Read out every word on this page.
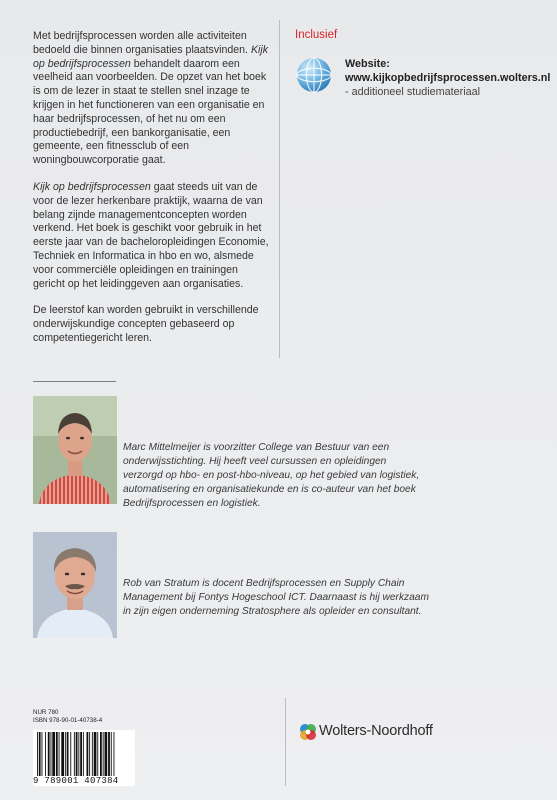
Met bedrijfsprocessen worden alle activiteiten bedoeld die binnen organisaties plaatsvinden. Kijk op bedrijfsprocessen behandelt daarom een veelheid aan voorbeelden. De opzet van het boek is om de lezer in staat te stellen snel inzage te krijgen in het functioneren van een organisatie en haar bedrijfsprocessen, of het nu om een productiebedrijf, een bankorganisatie, een gemeente, een fitnessclub of een woningbouwcorporatie gaat.

Kijk op bedrijfsprocessen gaat steeds uit van de voor de lezer herkenbare praktijk, waarna de van belang zijnde managementconcepten worden verkend. Het boek is geschikt voor gebruik in het eerste jaar van de bacheloropleidingen Economie, Techniek en Informatica in hbo en wo, alsmede voor commerciële opleidingen en trainingen gericht op het leidinggeven aan organisaties.

De leerstof kan worden gebruikt in verschillende onderwijskundige concepten gebaseerd op competentiegericht leren.

Inclusief
Website:
www.kijkopbedrijfsprocessen.wolters.nl
- additioneel studiemateriaal
Marc Mittelmeijer is voorzitter College van Bestuur van een
onderwijsstichting. Hij heeft veel cursussen en opleidingen
verzorgd op hbo- en post-hbo-niveau, op het gebied van logistiek,
automatisering en organisatiekunde en is co-auteur van het boek
Bedrijfsprocessen en logistiek.
Rob van Stratum is docent Bedrijfsprocessen en Supply Chain
Management bij Fontys Hogeschool ICT. Daarnaast is hij werkzaam
in zijn eigen onderneming Stratosphere als opleider en consultant.
NUR 780
ISBN 978-90-01-40738-4
9 789001 407384
Wolters-Noordhoff
